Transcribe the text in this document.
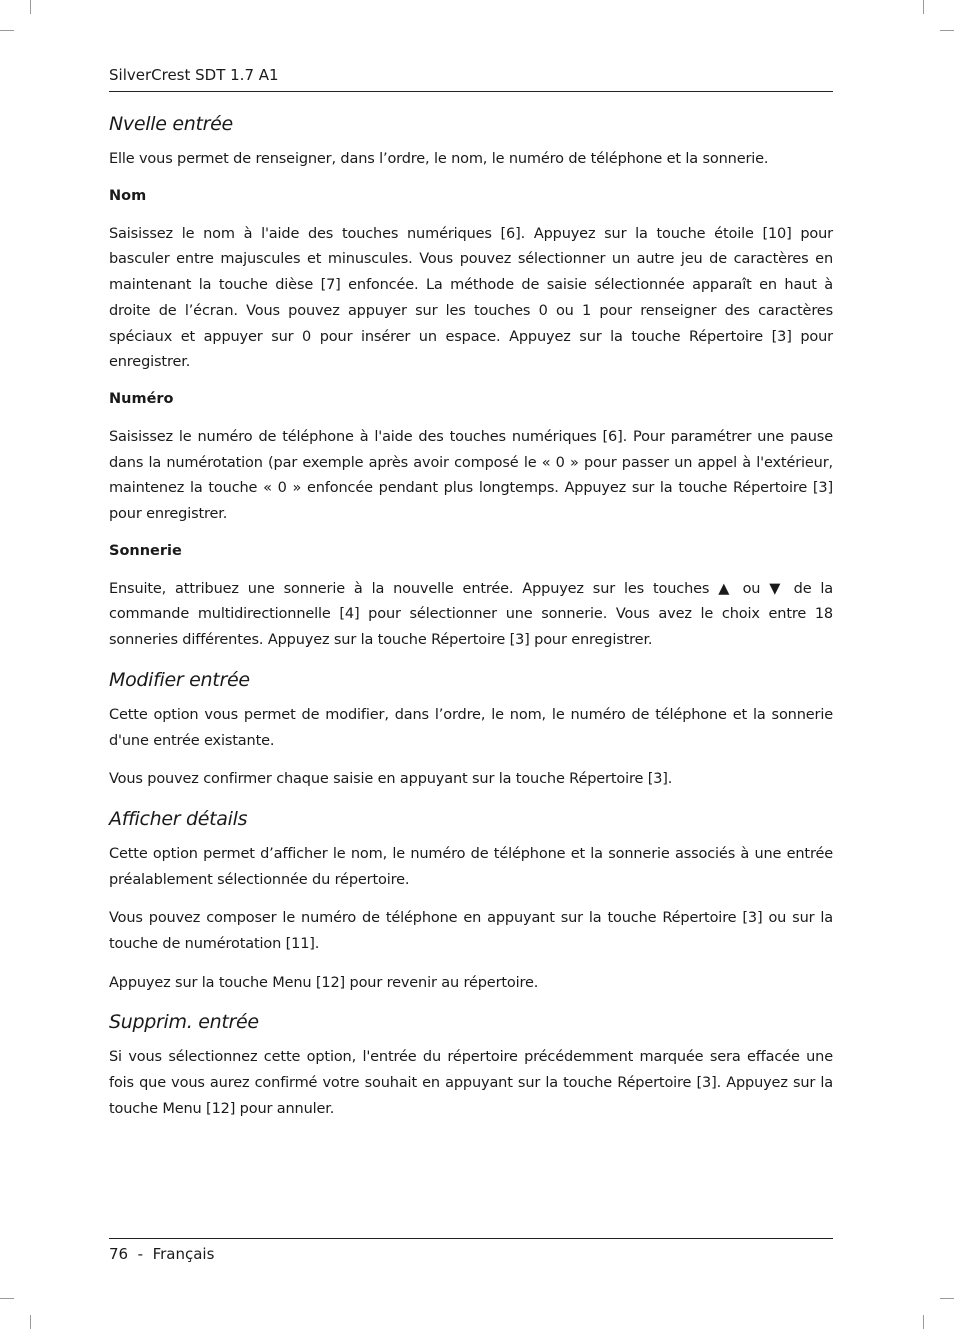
SilverCrest SDT 1.7 A1
Nvelle entrée

Elle vous permet de renseigner, dans l’ordre, le nom, le numéro de téléphone et la sonnerie.

Nom

Saisissez le nom à l'aide des touches numériques [6]. Appuyez sur la touche étoile [10] pour basculer entre majuscules et minuscules. Vous pouvez sélectionner un autre jeu de caractères en maintenant la touche dièse [7] enfoncée. La méthode de saisie sélectionnée apparaît en haut à droite de l’écran. Vous pouvez appuyer sur les touches 0 ou 1 pour renseigner des caractères spéciaux et appuyer sur 0 pour insérer un espace. Appuyez sur la touche Répertoire [3] pour enregistrer.

Numéro

Saisissez le numéro de téléphone à l'aide des touches numériques [6]. Pour paramétrer une pause dans la numérotation (par exemple après avoir composé le « 0 » pour passer un appel à l'extérieur, maintenez la touche « 0 » enfoncée pendant plus longtemps. Appuyez sur la touche Répertoire [3] pour enregistrer.

Sonnerie

Ensuite, attribuez une sonnerie à la nouvelle entrée. Appuyez sur les touches ▲ ou ▼ de la commande multidirectionnelle [4] pour sélectionner une sonnerie. Vous avez le choix entre 18 sonneries différentes. Appuyez sur la touche Répertoire [3] pour enregistrer.

Modifier entrée

Cette option vous permet de modifier, dans l’ordre, le nom, le numéro de téléphone et la sonnerie d'une entrée existante.

Vous pouvez confirmer chaque saisie en appuyant sur la touche Répertoire [3].

Afficher détails

Cette option permet d’afficher le nom, le numéro de téléphone et la sonnerie associés à une entrée préalablement sélectionnée du répertoire.

Vous pouvez composer le numéro de téléphone en appuyant sur la touche Répertoire [3] ou sur la touche de numérotation [11].

Appuyez sur la touche Menu [12] pour revenir au répertoire.

Supprim. entrée

Si vous sélectionnez cette option, l'entrée du répertoire précédemment marquée sera effacée une fois que vous aurez confirmé votre souhait en appuyant sur la touche Répertoire [3]. Appuyez sur la touche Menu [12] pour annuler.

76  -  Français
